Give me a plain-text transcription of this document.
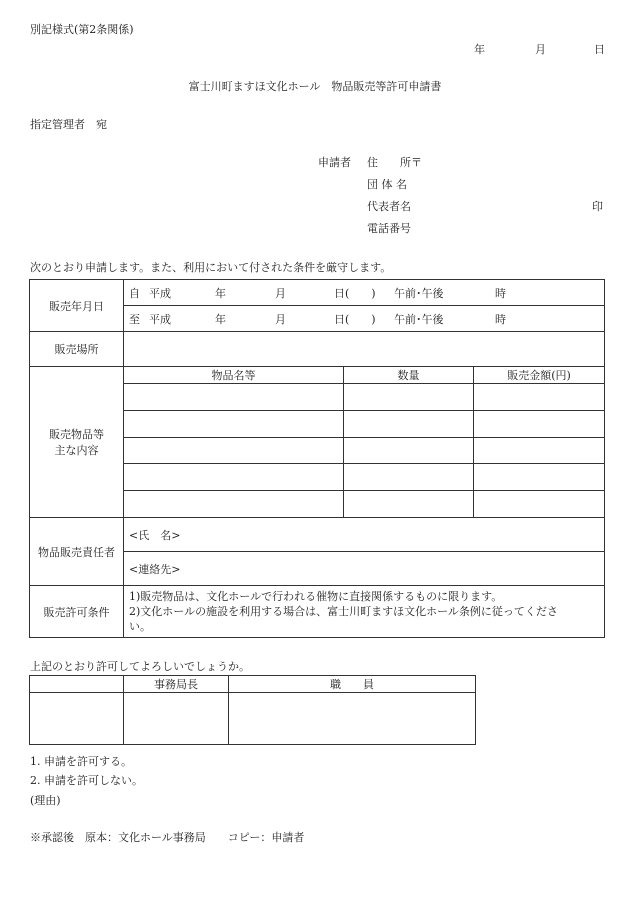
別記様式(第2条関係)
年	月	日
富士川町ますほ文化ホール　物品販売等許可申請書
指定管理者　宛
申請者 住　　所〒
団 体 名
代表者名	印
電話番号
次のとおり申請します。また、利用において付された条件を厳守します。
販売年月日	自 平成 年 月 日(　　) 午前･午後 時		

	至 平成 年 月 日(　　) 午前･午後 時		

販売場所			

販売物品等
主な内容	物品名等	数量	販売金額(円)

物品販売責任者	<氏　名>		
	<連絡先>		
販売許可条件	1)販売物品は、文化ホールで行われる催物に直接関係するものに限ります。
2)文化ホールの施設を利用する場合は、富士川町ますほ文化ホール条例に従ってくださ
い。		
上記のとおり許可してよろしいでしょうか。
	事務局長	職　　員

1. 申請を許可する。
2. 申請を許可しない。
(理由)
※承認後　原本：文化ホール事務局　　コピー：申請者
